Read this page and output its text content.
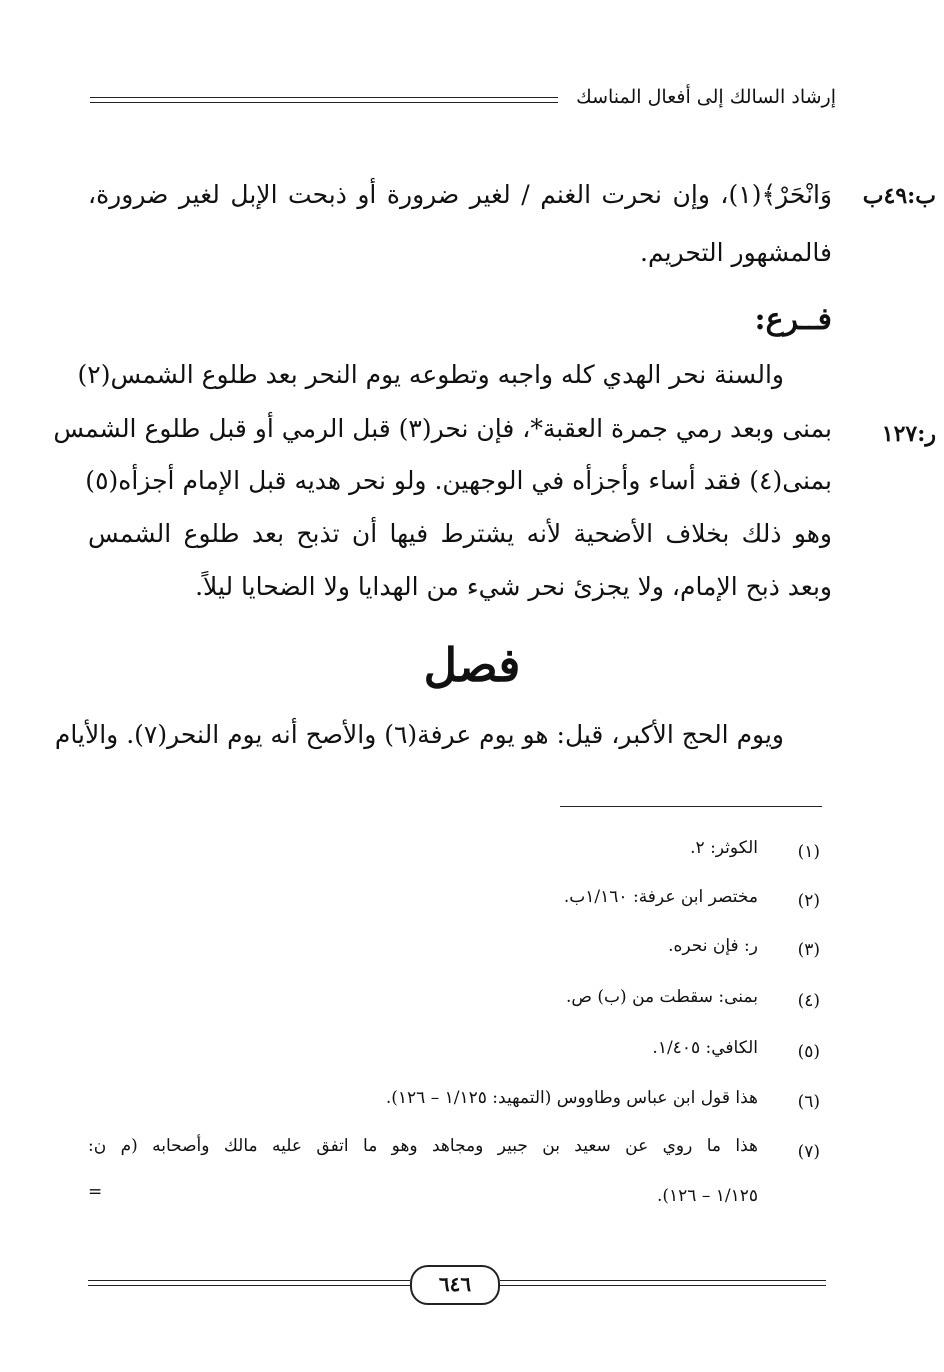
إرشاد السالك إلى أفعال المناسك
ب:٤٩ب
ر:١٢٧
وَانْحَرْ﴾(١)، وإن نحرت الغنم / لغير ضرورة أو ذبحت الإبل لغير ضرورة،
فالمشهور التحريم.
فــرع:
والسنة نحر الهدي كله واجبه وتطوعه يوم النحر بعد طلوع الشمس(٢)
بمنى وبعد رمي جمرة العقبة*، فإن نحر(٣) قبل الرمي أو قبل طلوع الشمس
بمنى(٤) فقد أساء وأجزأه في الوجهين. ولو نحر هديه قبل الإمام أجزأه(٥)
وهو ذلك بخلاف الأضحية لأنه يشترط فيها أن تذبح بعد طلوع الشمس
وبعد ذبح الإمام، ولا يجزئ نحر شيء من الهدايا ولا الضحايا ليلاً.
فصل
ويوم الحج الأكبر، قيل: هو يوم عرفة(٦) والأصح أنه يوم النحر(٧). والأيام
(١)
الكوثر: ٢.
(٢)
مختصر ابن عرفة: ١/١٦٠ب.
(٣)
ر: فإن نحره.
(٤)
بمنى: سقطت من (ب) ص.
(٥)
الكافي: ١/٤٠٥.
(٦)
هذا قول ابن عباس وطاووس (التمهيد: ١/١٢٥ – ١٢٦).
(٧)
هذا ما روي عن سعيد بن جبير ومجاهد وهو ما اتفق عليه مالك وأصحابه (م ن:
١/١٢٥ – ١٢٦).
=
٦٤٦
